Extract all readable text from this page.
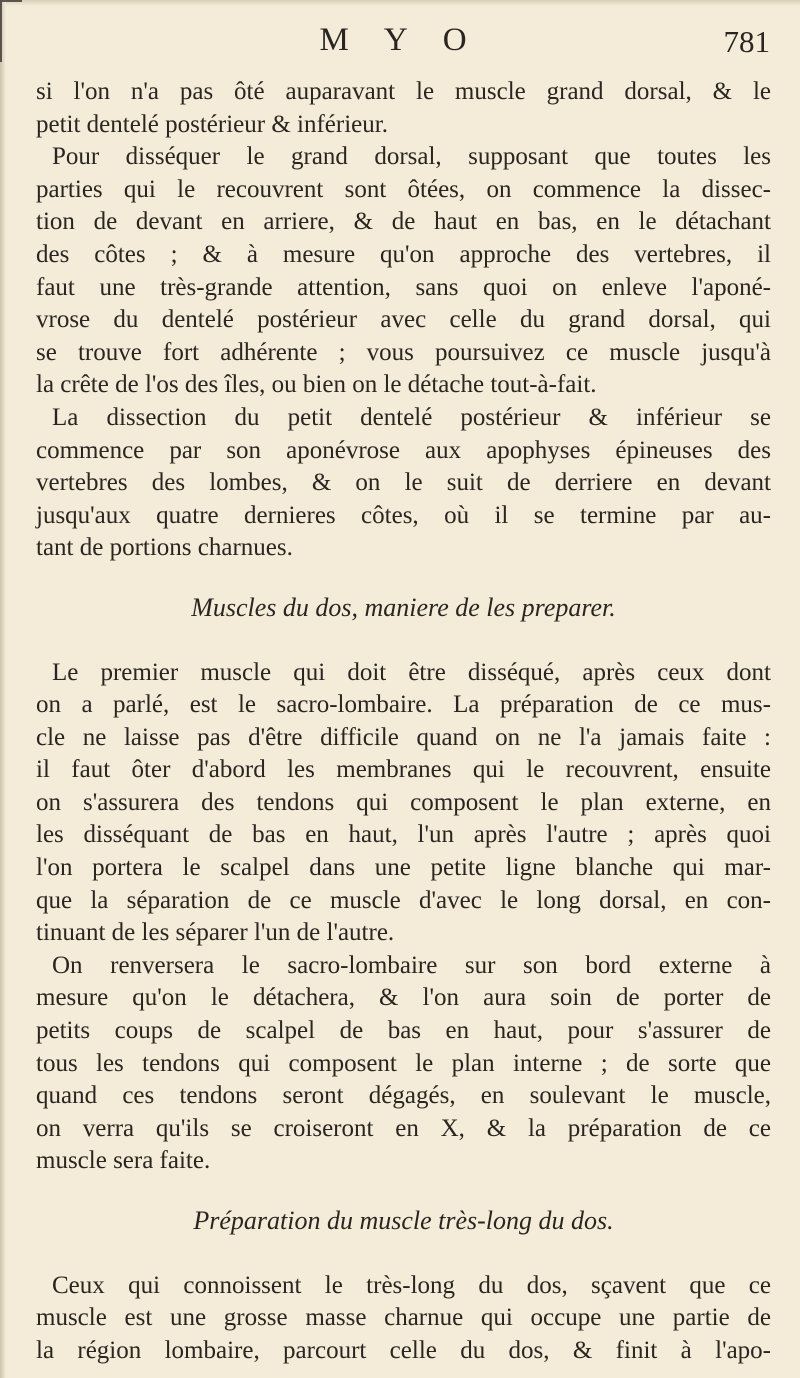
M Y O	781
si l'on n'a pas ôté auparavant le muscle grand dorsal, & le
petit dentelé postérieur & inférieur.
Pour disséquer le grand dorsal, supposant que toutes les
parties qui le recouvrent sont ôtées, on commence la dissec-
tion de devant en arriere, & de haut en bas, en le détachant
des côtes ; & à mesure qu'on approche des vertebres, il
faut une très-grande attention, sans quoi on enleve l'aponé-
vrose du dentelé postérieur avec celle du grand dorsal, qui
se trouve fort adhérente ; vous poursuivez ce muscle jusqu'à
la crête de l'os des îles, ou bien on le détache tout-à-fait.
La dissection du petit dentelé postérieur & inférieur se
commence par son aponévrose aux apophyses épineuses des
vertebres des lombes, & on le suit de derriere en devant
jusqu'aux quatre dernieres côtes, où il se termine par au-
tant de portions charnues.
Muscles du dos, maniere de les preparer.
Le premier muscle qui doit être disséqué, après ceux dont
on a parlé, est le sacro-lombaire. La préparation de ce mus-
cle ne laisse pas d'être difficile quand on ne l'a jamais faite :
il faut ôter d'abord les membranes qui le recouvrent, ensuite
on s'assurera des tendons qui composent le plan externe, en
les disséquant de bas en haut, l'un après l'autre ; après quoi
l'on portera le scalpel dans une petite ligne blanche qui mar-
que la séparation de ce muscle d'avec le long dorsal, en con-
tinuant de les séparer l'un de l'autre.
On renversera le sacro-lombaire sur son bord externe à
mesure qu'on le détachera, & l'on aura soin de porter de
petits coups de scalpel de bas en haut, pour s'assurer de
tous les tendons qui composent le plan interne ; de sorte que
quand ces tendons seront dégagés, en soulevant le muscle,
on verra qu'ils se croiseront en X, & la préparation de ce
muscle sera faite.
Préparation du muscle très-long du dos.
Ceux qui connoissent le très-long du dos, sçavent que ce
muscle est une grosse masse charnue qui occupe une partie de
la région lombaire, parcourt celle du dos, & finit à l'apo-
